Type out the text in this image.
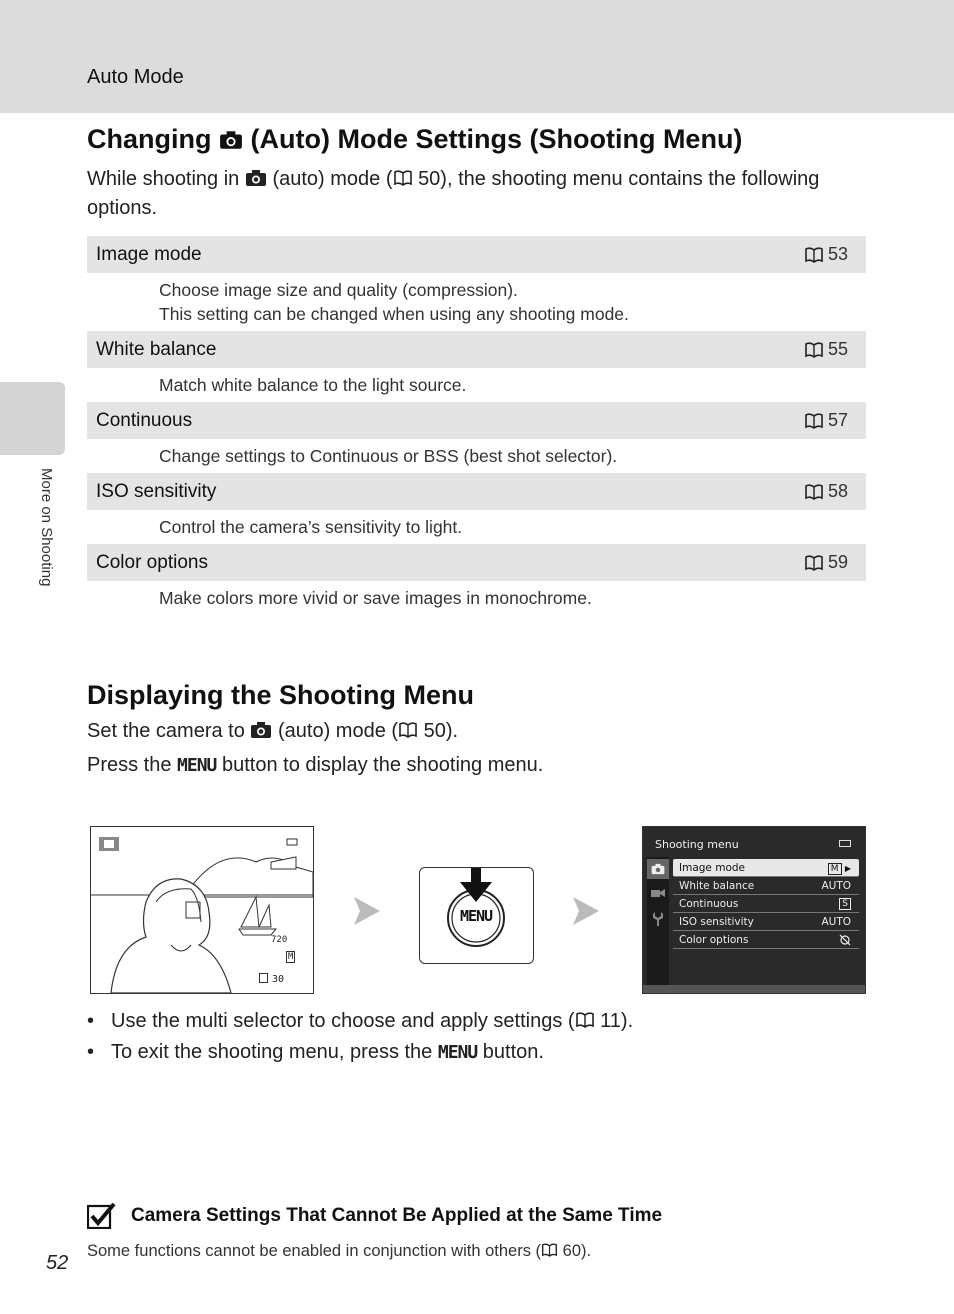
Auto Mode
More on Shooting
Changing (Auto) Mode Settings (Shooting Menu)

While shooting in (auto) mode ( 50), the shooting menu contains the following options.

Image mode	53
Choose image size and quality (compression).
This setting can be changed when using any shooting mode.
White balance	55
Match white balance to the light source.
Continuous	57
Change settings to Continuous or BSS (best shot selector).
ISO sensitivity	58
Control the camera’s sensitivity to light.
Color options	59
Make colors more vivid or save images in monochrome.
Displaying the Shooting Menu
Set the camera to (auto) mode ( 50).
Press the MENU button to display the shooting menu.
720
M
30
MENU
Shooting menu
Image mode	M ▶
White balance	AUTO
Continuous	S
ISO sensitivity	AUTO
Color options
• Use the multi selector to choose and apply settings ( 11).
• To exit the shooting menu, press the MENU button.
Camera Settings That Cannot Be Applied at the Same Time
Some functions cannot be enabled in conjunction with others ( 60).
52
